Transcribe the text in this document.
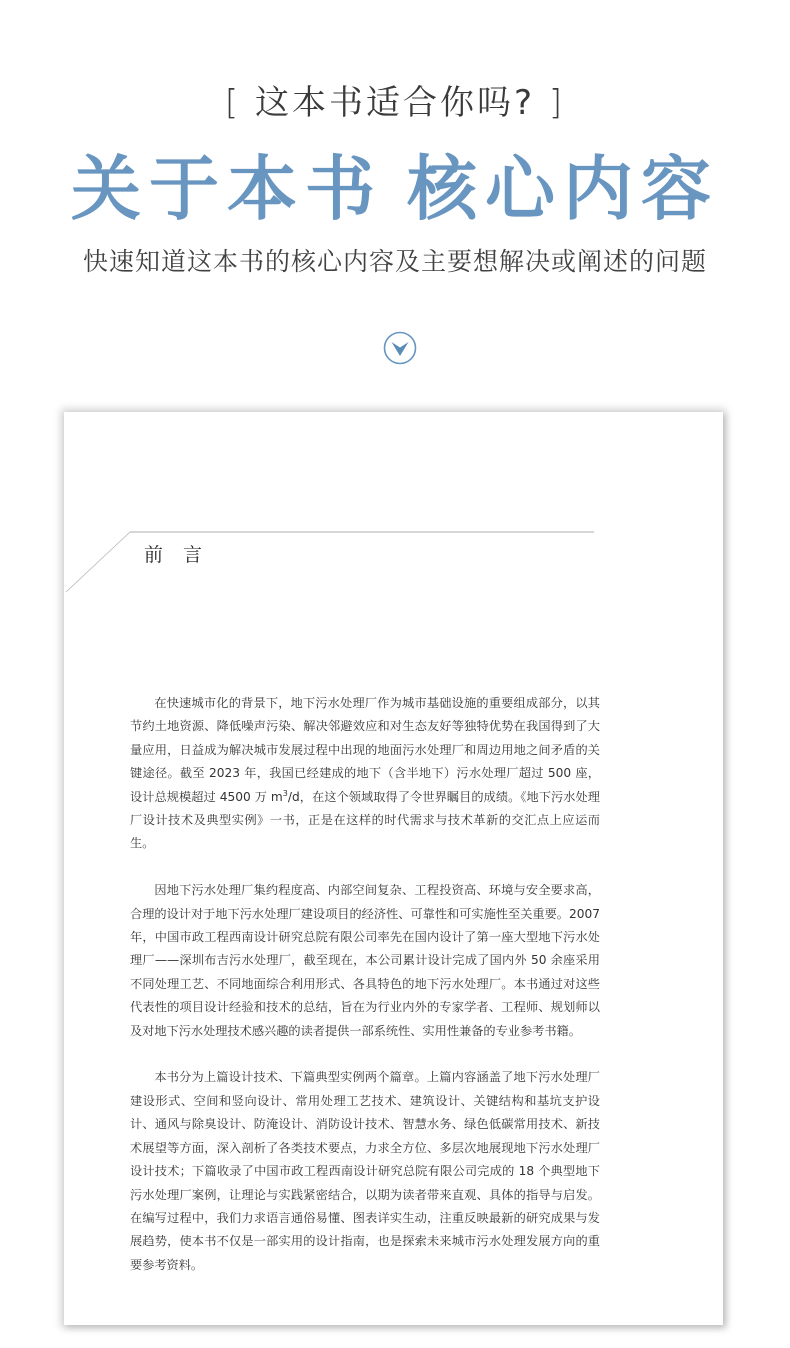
[ 这本书适合你吗? ]
关于本书 核心内容
快速知道这本书的核心内容及主要想解决或阐述的问题
前言

在快速城市化的背景下，地下污水处理厂作为城市基础设施的重要组成部分，以其节约土地资源、降低噪声污染、解决邻避效应和对生态友好等独特优势在我国得到了大量应用，日益成为解决城市发展过程中出现的地面污水处理厂和周边用地之间矛盾的关键途径。截至 2023 年，我国已经建成的地下（含半地下）污水处理厂超过 500 座，设计总规模超过 4500 万 $m^3/d$，在这个领域取得了令世界瞩目的成绩。《地下污水处理厂设计技术及典型实例》一书，正是在这样的时代需求与技术革新的交汇点上应运而生。

因地下污水处理厂集约程度高、内部空间复杂、工程投资高、环境与安全要求高，合理的设计对于地下污水处理厂建设项目的经济性、可靠性和可实施性至关重要。2007 年，中国市政工程西南设计研究总院有限公司率先在国内设计了第一座大型地下污水处理厂——深圳布吉污水处理厂，截至现在，本公司累计设计完成了国内外 50 余座采用不同处理工艺、不同地面综合利用形式、各具特色的地下污水处理厂。本书通过对这些代表性的项目设计经验和技术的总结，旨在为行业内外的专家学者、工程师、规划师以及对地下污水处理技术感兴趣的读者提供一部系统性、实用性兼备的专业参考书籍。

本书分为上篇设计技术、下篇典型实例两个篇章。上篇内容涵盖了地下污水处理厂建设形式、空间和竖向设计、常用处理工艺技术、建筑设计、关键结构和基坑支护设计、通风与除臭设计、防淹设计、消防设计技术、智慧水务、绿色低碳常用技术、新技术展望等方面，深入剖析了各类技术要点，力求全方位、多层次地展现地下污水处理厂设计技术；下篇收录了中国市政工程西南设计研究总院有限公司完成的 18 个典型地下污水处理厂案例，让理论与实践紧密结合，以期为读者带来直观、具体的指导与启发。在编写过程中，我们力求语言通俗易懂、图表详实生动，注重反映最新的研究成果与发展趋势，使本书不仅是一部实用的设计指南，也是探索未来城市污水处理发展方向的重要参考资料。
